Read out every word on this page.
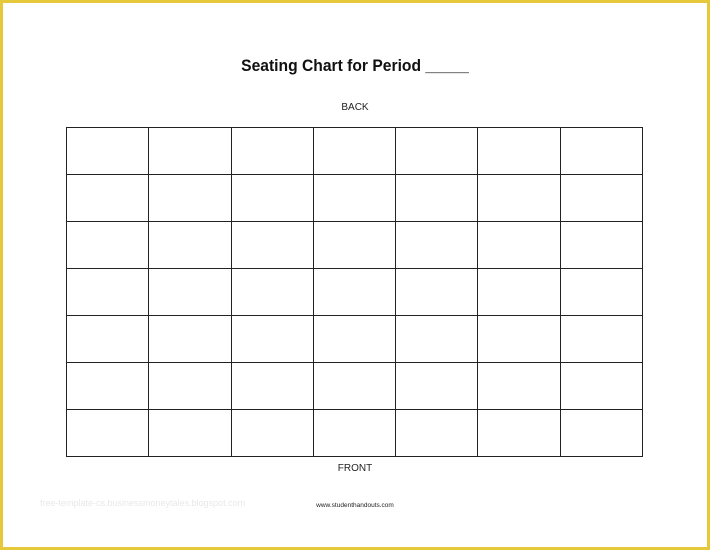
Seating Chart for Period _____
BACK

FRONT
free-template-cs.businessmoneytales.blogspot.com	www.studenthandouts.com
